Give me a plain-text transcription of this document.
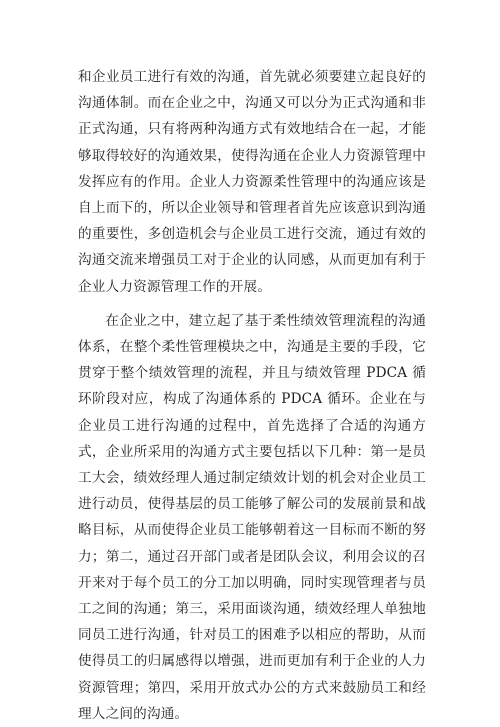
和企业员工进行有效的沟通，首先就必须要建立起良好的沟通体制。而在企业之中，沟通又可以分为正式沟通和非正式沟通，只有将两种沟通方式有效地结合在一起，才能够取得较好的沟通效果，使得沟通在企业人力资源管理中发挥应有的作用。企业人力资源柔性管理中的沟通应该是自上而下的，所以企业领导和管理者首先应该意识到沟通的重要性，多创造机会与企业员工进行交流，通过有效的沟通交流来增强员工对于企业的认同感，从而更加有利于企业人力资源管理工作的开展。

在企业之中，建立起了基于柔性绩效管理流程的沟通体系，在整个柔性管理模块之中，沟通是主要的手段，它贯穿于整个绩效管理的流程，并且与绩效管理 PDCA 循环阶段对应，构成了沟通体系的 PDCA 循环。企业在与企业员工进行沟通的过程中，首先选择了合适的沟通方式，企业所采用的沟通方式主要包括以下几种：第一是员工大会，绩效经理人通过制定绩效计划的机会对企业员工进行动员，使得基层的员工能够了解公司的发展前景和战略目标，从而使得企业员工能够朝着这一目标而不断的努力；第二，通过召开部门或者是团队会议，利用会议的召开来对于每个员工的分工加以明确，同时实现管理者与员工之间的沟通；第三，采用面谈沟通，绩效经理人单独地同员工进行沟通，针对员工的困难予以相应的帮助，从而使得员工的归属感得以增强，进而更加有利于企业的人力资源管理；第四，采用开放式办公的方式来鼓励员工和经理人之间的沟通。
